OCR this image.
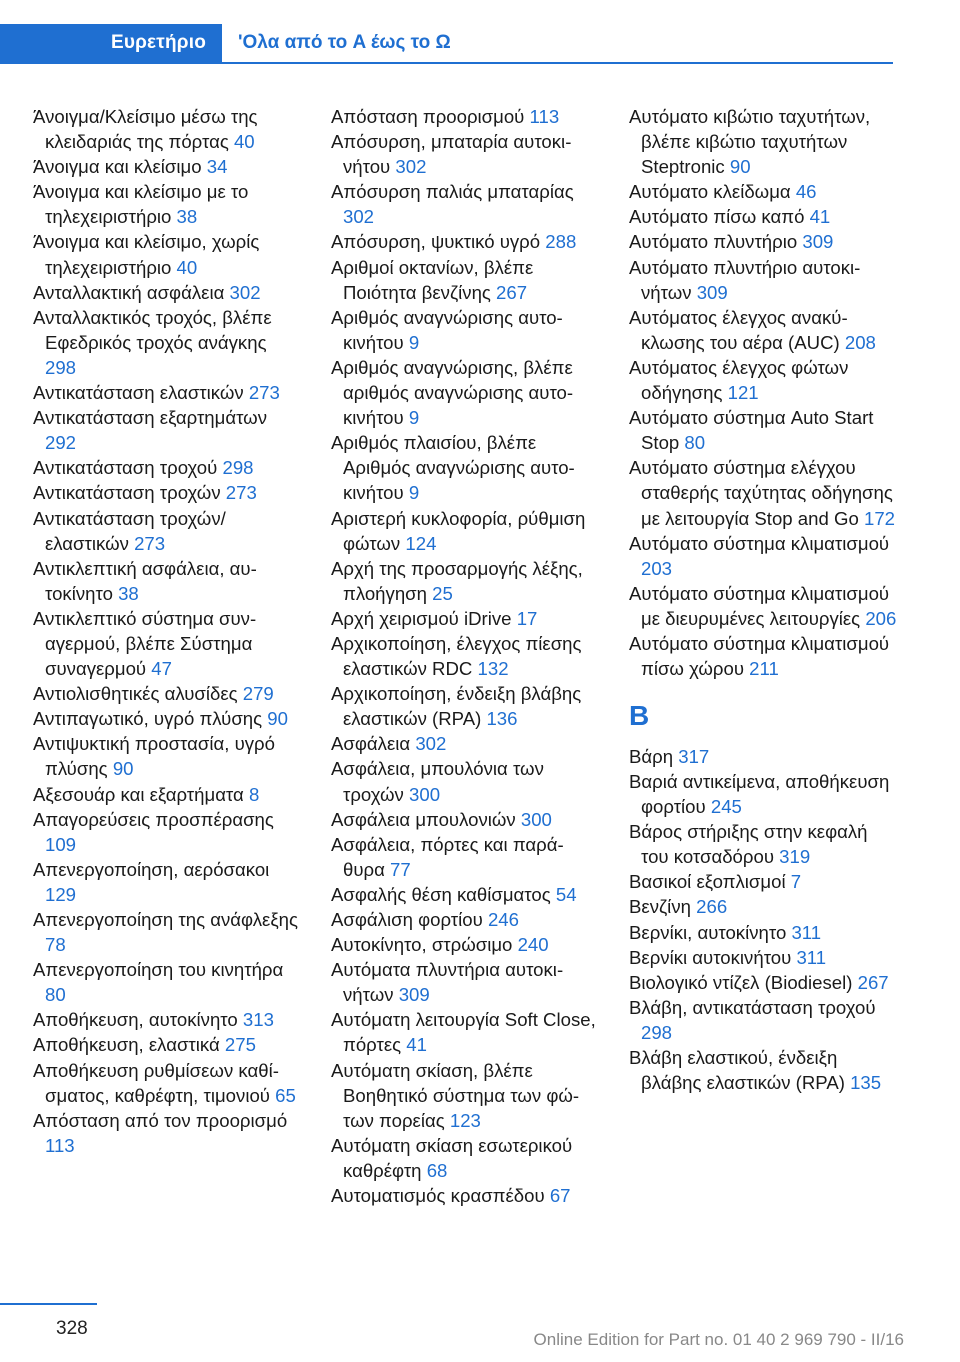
Ευρετήριο	'Ολα από το A έως το Ω
Άνοιγμα/Κλείσιμο μέσω της κλειδαριάς της πόρτας 40
Άνοιγμα και κλείσιμο 34
Άνοιγμα και κλείσιμο με το τηλεχειριστήριο 38
Άνοιγμα και κλείσιμο, χωρίς τηλεχειριστήριο 40
Ανταλλακτική ασφάλεια 302
Ανταλλακτικός τροχός, βλέπε Εφεδρικός τροχός ανάγκης 298
Αντικατάσταση ελαστικών 273
Αντικατάσταση εξαρτημάτων 292
Αντικατάσταση τροχού 298
Αντικατάσταση τροχών 273
Αντικατάσταση τροχών/ ελαστικών 273
Αντικλεπτική ασφάλεια, αυτοκίνητο 38
Αντικλεπτικό σύστημα συναγερμού, βλέπε Σύστημα συναγερμού 47
Αντιολισθητικές αλυσίδες 279
Αντιπαγωτικό, υγρό πλύσης 90
Αντιψυκτική προστασία, υγρό πλύσης 90
Αξεσουάρ και εξαρτήματα 8
Απαγορεύσεις προσπέρασης 109
Απενεργοποίηση, αερόσακοι 129
Απενεργοποίηση της ανάφλεξης 78
Απενεργοποίηση του κινητήρα 80
Αποθήκευση, αυτοκίνητο 313
Αποθήκευση, ελαστικά 275
Αποθήκευση ρυθμίσεων καθίσματος, καθρέφτη, τιμονιού 65
Απόσταση από τον προορισμό 113
Απόσταση προορισμού 113
Απόσυρση, μπαταρία αυτοκινήτου 302
Απόσυρση παλιάς μπαταρίας 302
Απόσυρση, ψυκτικό υγρό 288
Αριθμοί οκτανίων, βλέπε Ποιότητα βενζίνης 267
Αριθμός αναγνώρισης αυτοκινήτου 9
Αριθμός αναγνώρισης, βλέπε αριθμός αναγνώρισης αυτοκινήτου 9
Αριθμός πλαισίου, βλέπε Αριθμός αναγνώρισης αυτοκινήτου 9
Αριστερή κυκλοφορία, ρύθμιση φώτων 124
Αρχή της προσαρμογής λέξης, πλοήγηση 25
Αρχή χειρισμού iDrive 17
Αρχικοποίηση, έλεγχος πίεσης ελαστικών RDC 132
Αρχικοποίηση, ένδειξη βλάβης ελαστικών (RPA) 136
Ασφάλεια 302
Ασφάλεια, μπουλόνια των τροχών 300
Ασφάλεια μπουλονιών 300
Ασφάλεια, πόρτες και παράθυρα 77
Ασφαλής θέση καθίσματος 54
Ασφάλιση φορτίου 246
Αυτοκίνητο, στρώσιμο 240
Αυτόματα πλυντήρια αυτοκινήτων 309
Αυτόματη λειτουργία Soft Close, πόρτες 41
Αυτόματη σκίαση, βλέπε Βοηθητικό σύστημα των φώτων πορείας 123
Αυτόματη σκίαση εσωτερικού καθρέφτη 68
Αυτοματισμός κρασπέδου 67
Αυτόματο κιβώτιο ταχυτήτων, βλέπε κιβώτιο ταχυτήτων Steptronic 90
Αυτόματο κλείδωμα 46
Αυτόματο πίσω καπό 41
Αυτόματο πλυντήριο 309
Αυτόματο πλυντήριο αυτοκινήτων 309
Αυτόματος έλεγχος ανακύκλωσης του αέρα (AUC) 208
Αυτόματος έλεγχος φώτων οδήγησης 121
Αυτόματο σύστημα Auto Start Stop 80
Αυτόματο σύστημα ελέγχου σταθερής ταχύτητας οδήγησης με λειτουργία Stop and Go 172
Αυτόματο σύστημα κλιματισμού 203
Αυτόματο σύστημα κλιματισμού με διευρυμένες λειτουργίες 206
Αυτόματο σύστημα κλιματισμού πίσω χώρου 211
B
Βάρη 317
Βαριά αντικείμενα, αποθήκευση φορτίου 245
Βάρος στήριξης στην κεφαλή του κοτσαδόρου 319
Βασικοί εξοπλισμοί 7
Βενζίνη 266
Βερνίκι, αυτοκίνητο 311
Βερνίκι αυτοκινήτου 311
Βιολογικό ντίζελ (Biodiesel) 267
Βλάβη, αντικατάσταση τροχού 298
Βλάβη ελαστικού, ένδειξη βλάβης ελαστικών (RPA) 135
328
Online Edition for Part no. 01 40 2 969 790 - II/16
